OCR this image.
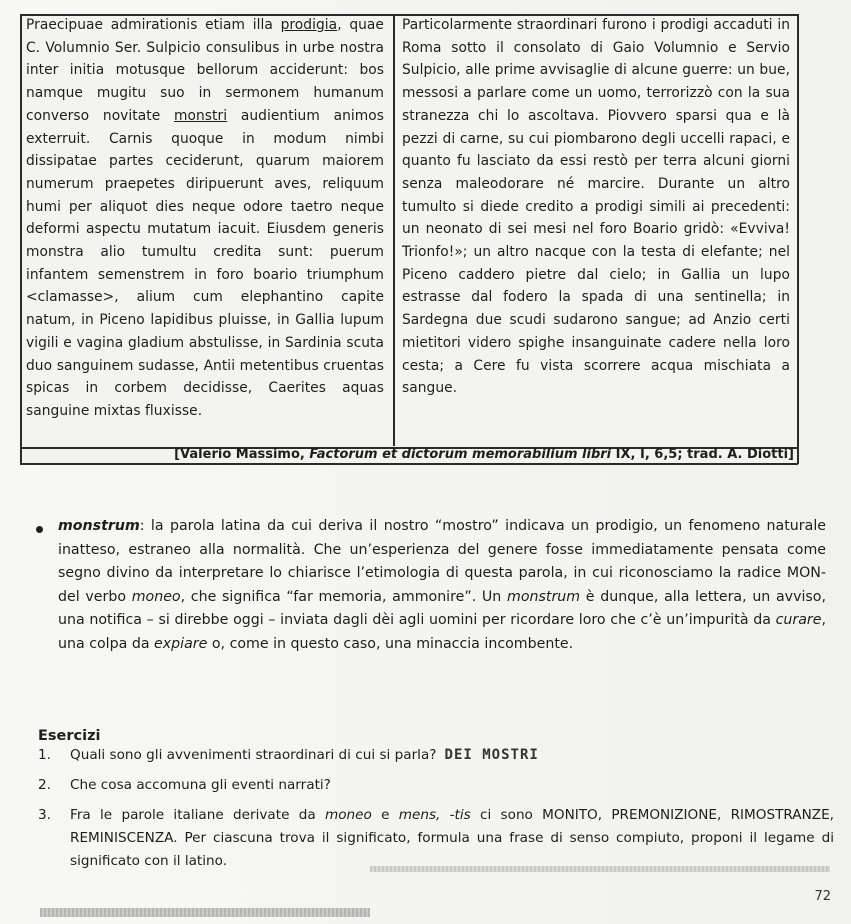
Praecipuae admirationis etiam illa prodigia, quae C. Volumnio Ser. Sulpicio consulibus in urbe nostra inter initia motusque bellorum acciderunt: bos namque mugitu suo in sermonem humanum converso novitate monstri audientium animos exterruit. Carnis quoque in modum nimbi dissipatae partes ceciderunt, quarum maiorem numerum praepetes diripuerunt aves, reliquum humi per aliquot dies neque odore taetro neque deformi aspectu mutatum iacuit. Eiusdem generis monstra alio tumultu credita sunt: puerum infantem semenstrem in foro boario triumphum <clamasse>, alium cum elephantino capite natum, in Piceno lapidibus pluisse, in Gallia lupum vigili e vagina gladium abstulisse, in Sardinia scuta duo sanguinem sudasse, Antii metentibus cruentas spicas in corbem decidisse, Caerites aquas sanguine mixtas fluxisse.
Particolarmente straordinari furono i prodigi accaduti in Roma sotto il consolato di Gaio Volumnio e Servio Sulpicio, alle prime avvisaglie di alcune guerre: un bue, messosi a parlare come un uomo, terrorizzò con la sua stranezza chi lo ascoltava. Piovvero sparsi qua e là pezzi di carne, su cui piombarono degli uccelli rapaci, e quanto fu lasciato da essi restò per terra alcuni giorni senza maleodorare né marcire. Durante un altro tumulto si diede credito a prodigi simili ai precedenti: un neonato di sei mesi nel foro Boario gridò: «Evviva! Trionfo!»; un altro nacque con la testa di elefante; nel Piceno caddero pietre dal cielo; in Gallia un lupo estrasse dal fodero la spada di una sentinella; in Sardegna due scudi sudarono sangue; ad Anzio certi mietitori videro spighe insanguinate cadere nella loro cesta; a Cere fu vista scorrere acqua mischiata a sangue.
[Valerio Massimo, Factorum et dictorum memorabilium libri IX, I, 6,5; trad. A. Diotti]
monstrum: la parola latina da cui deriva il nostro “mostro” indicava un prodigio, un fenomeno naturale inatteso, estraneo alla normalità. Che un’esperienza del genere fosse immediatamente pensata come segno divino da interpretare lo chiarisce l’etimologia di questa parola, in cui riconosciamo la radice MON- del verbo moneo, che significa “far memoria, ammonire”. Un monstrum è dunque, alla lettera, un avviso, una notifica – si direbbe oggi – inviata dagli dèi agli uomini per ricordare loro che c’è un’impurità da curare, una colpa da expiare o, come in questo caso, una minaccia incombente.
Esercizi
1. Quali sono gli avvenimenti straordinari di cui si parla? DEI MOSTRI
2. Che cosa accomuna gli eventi narrati?
3. Fra le parole italiane derivate da moneo e mens, -tis ci sono MONITO, PREMONIZIONE, RIMOSTRANZE, REMINISCENZA. Per ciascuna trova il significato, formula una frase di senso compiuto, proponi il legame di significato con il latino.
72
